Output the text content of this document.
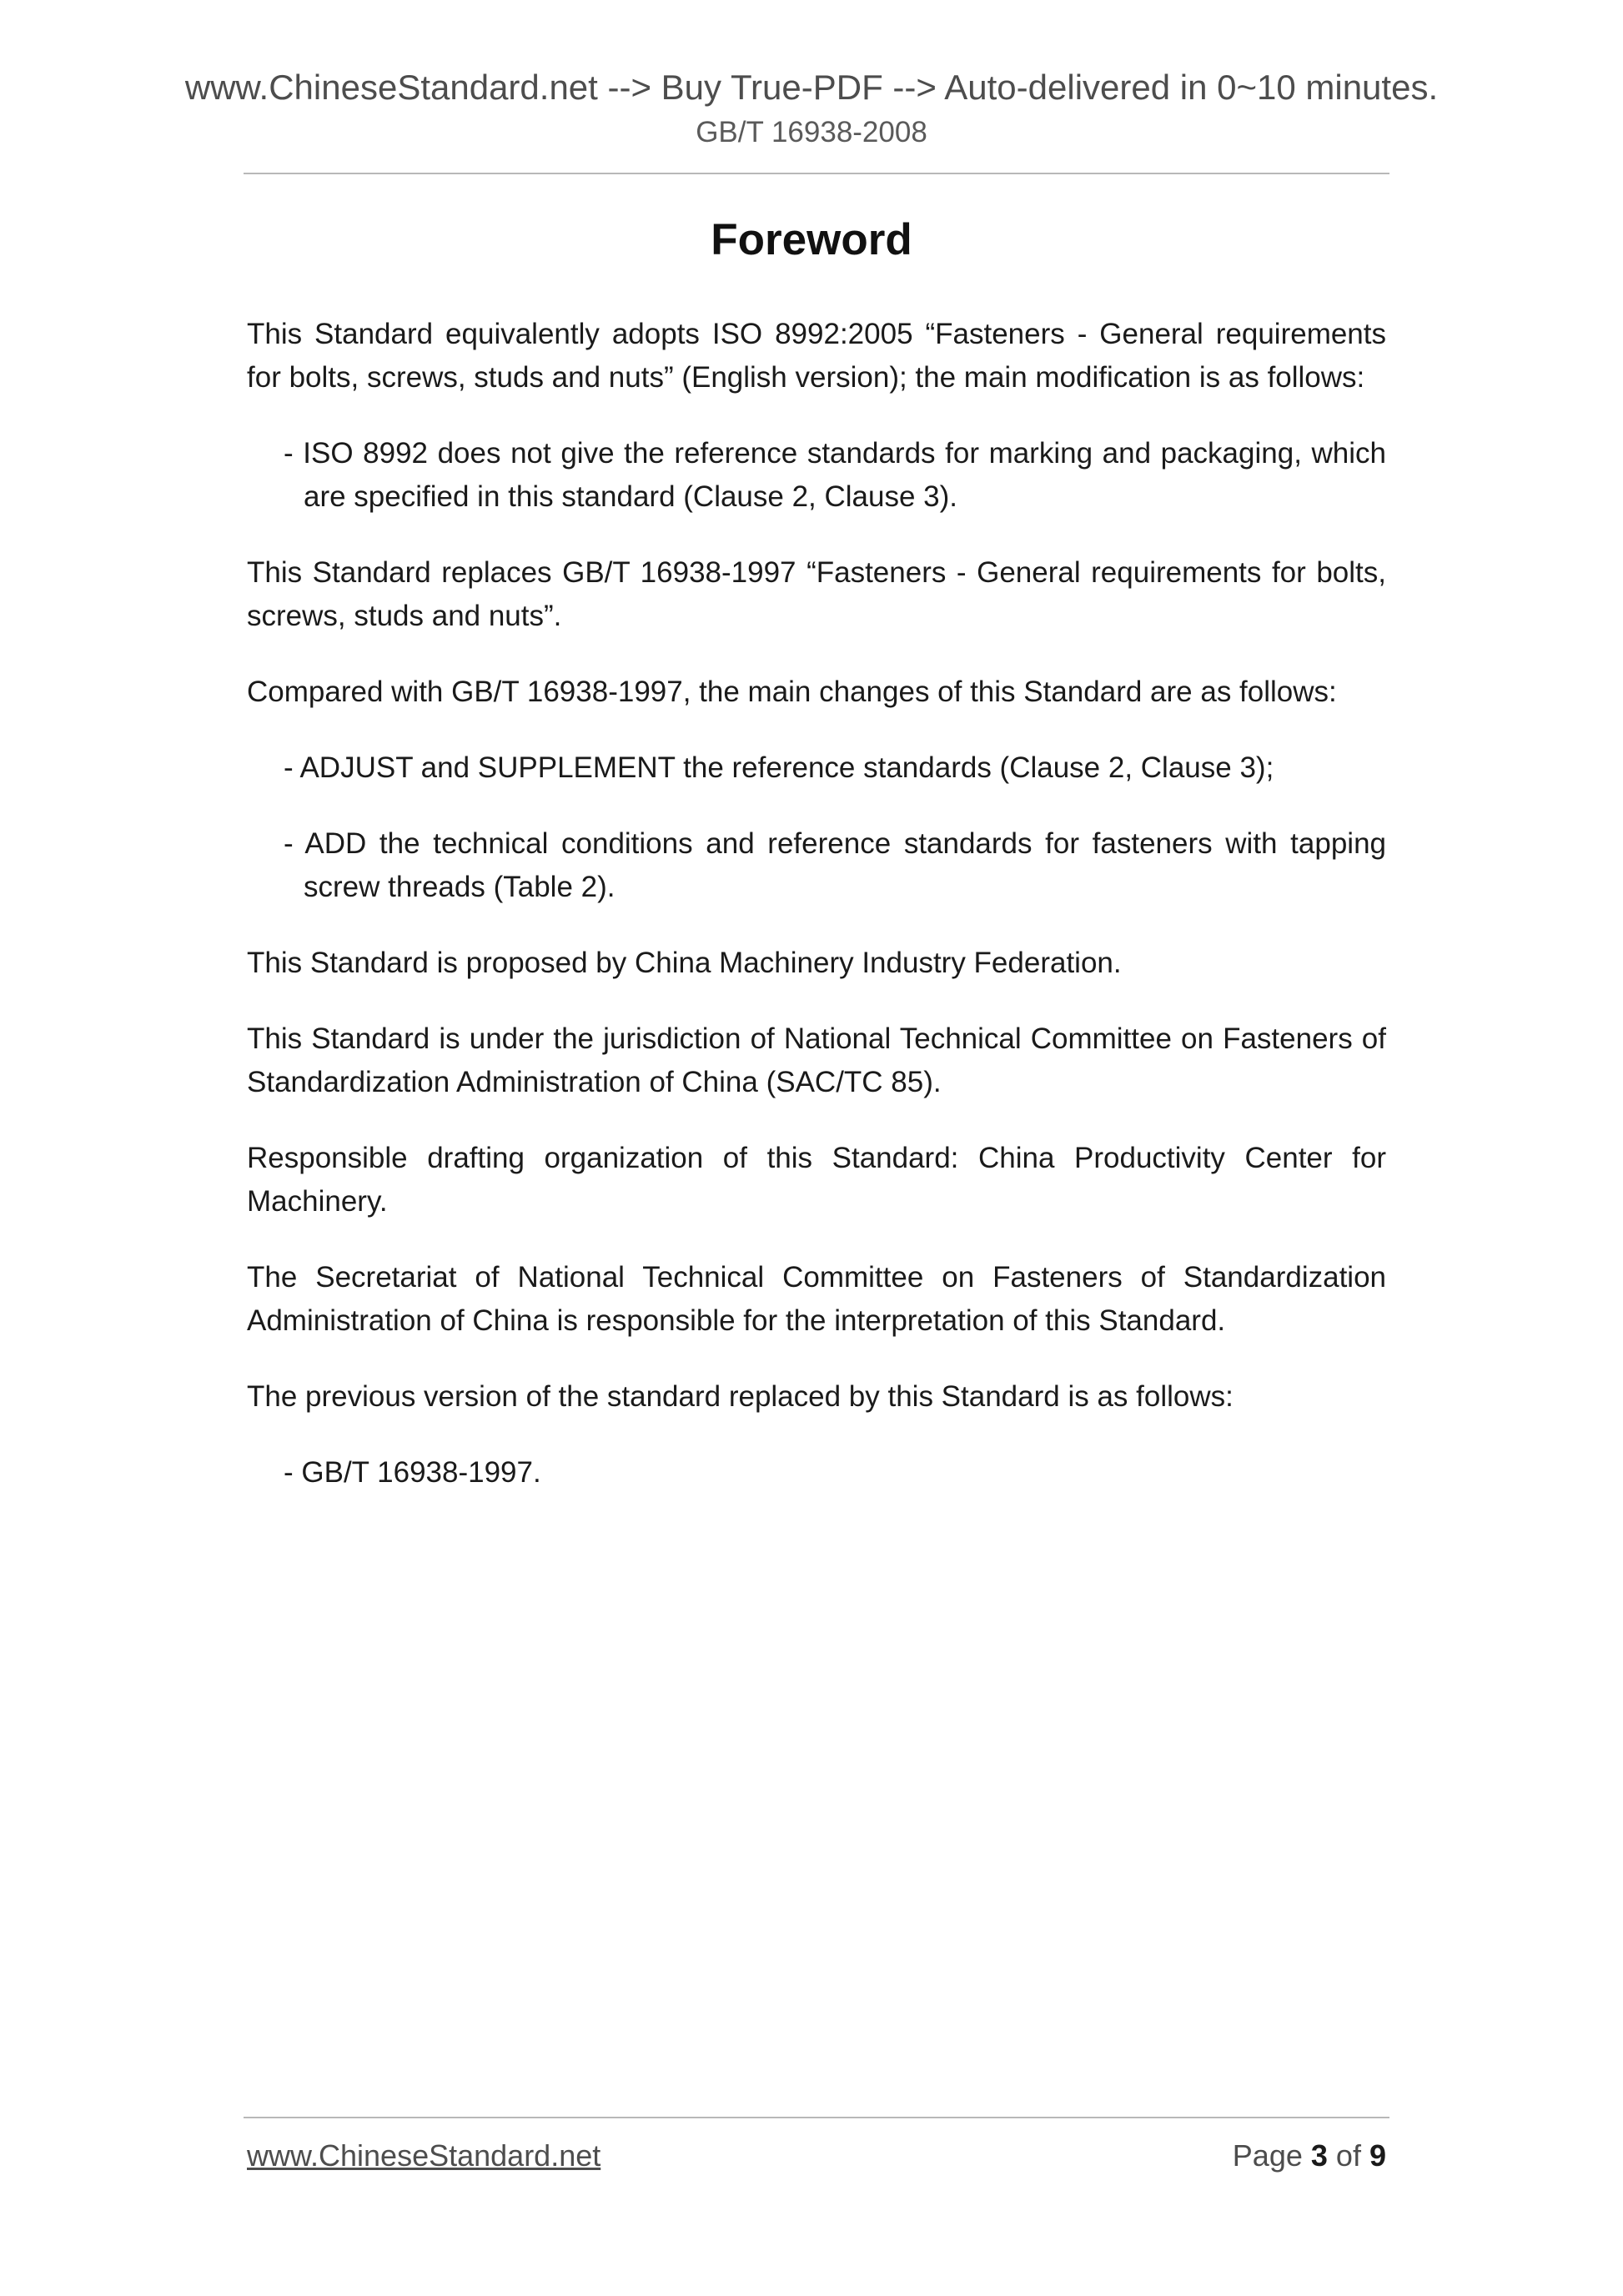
www.ChineseStandard.net --> Buy True-PDF --> Auto-delivered in 0~10 minutes.
GB/T 16938-2008
Foreword

This Standard equivalently adopts ISO 8992:2005 “Fasteners - General requirements for bolts, screws, studs and nuts” (English version); the main modification is as follows:

- ISO 8992 does not give the reference standards for marking and packaging, which are specified in this standard (Clause 2, Clause 3).

This Standard replaces GB/T 16938-1997 “Fasteners - General requirements for bolts, screws, studs and nuts”.

Compared with GB/T 16938-1997, the main changes of this Standard are as follows:

- ADJUST and SUPPLEMENT the reference standards (Clause 2, Clause 3);

- ADD the technical conditions and reference standards for fasteners with tapping screw threads (Table 2).

This Standard is proposed by China Machinery Industry Federation.

This Standard is under the jurisdiction of National Technical Committee on Fasteners of Standardization Administration of China (SAC/TC 85).

Responsible drafting organization of this Standard: China Productivity Center for Machinery.

The Secretariat of National Technical Committee on Fasteners of Standardization Administration of China is responsible for the interpretation of this Standard.

The previous version of the standard replaced by this Standard is as follows:

- GB/T 16938-1997.

www.ChineseStandard.net	Page 3 of 9
